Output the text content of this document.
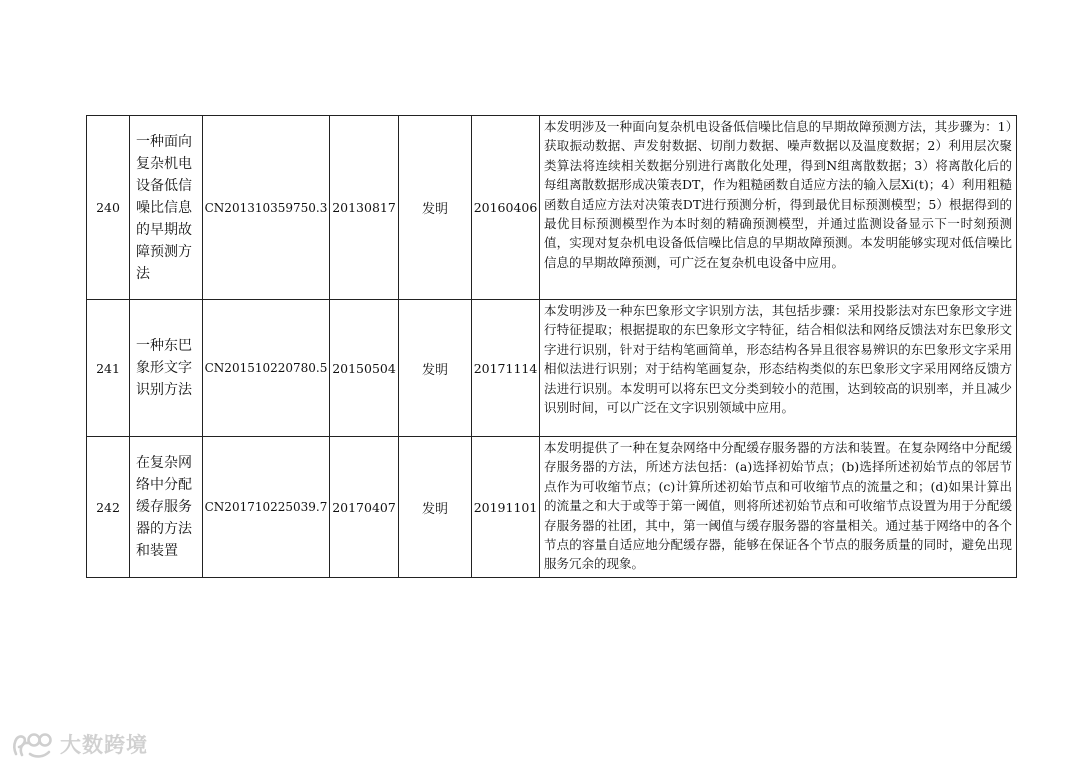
240	一种面向复杂机电设备低信噪比信息的早期故障预测方法	CN201310359750.3	20130817	发明	20160406	本发明涉及一种面向复杂机电设备低信噪比信息的早期故障预测方法，其步骤为：1）获取振动数据、声发射数据、切削力数据、噪声数据以及温度数据；2）利用层次聚类算法将连续相关数据分别进行离散化处理，得到N组离散数据；3）将离散化后的每组离散数据形成决策表DT，作为粗糙函数自适应方法的输入层Xi(t)；4）利用粗糙函数自适应方法对决策表DT进行预测分析，得到最优目标预测模型；5）根据得到的最优目标预测模型作为本时刻的精确预测模型，并通过监测设备显示下一时刻预测值，实现对复杂机电设备低信噪比信息的早期故障预测。本发明能够实现对低信噪比信息的早期故障预测，可广泛在复杂机电设备中应用。
241	一种东巴象形文字识别方法	CN201510220780.5	20150504	发明	20171114	本发明涉及一种东巴象形文字识别方法，其包括步骤：采用投影法对东巴象形文字进行特征提取；根据提取的东巴象形文字特征，结合相似法和网络反馈法对东巴象形文字进行识别，针对于结构笔画简单，形态结构各异且很容易辨识的东巴象形文字采用相似法进行识别；对于结构笔画复杂，形态结构类似的东巴象形文字采用网络反馈方法进行识别。本发明可以将东巴文分类到较小的范围，达到较高的识别率，并且减少识别时间，可以广泛在文字识别领域中应用。
242	在复杂网络中分配缓存服务器的方法和装置	CN201710225039.7	20170407	发明	20191101	本发明提供了一种在复杂网络中分配缓存服务器的方法和装置。在复杂网络中分配缓存服务器的方法，所述方法包括：(a)选择初始节点；(b)选择所述初始节点的邻居节点作为可收缩节点；(c)计算所述初始节点和可收缩节点的流量之和；(d)如果计算出的流量之和大于或等于第一阈值，则将所述初始节点和可收缩节点设置为用于分配缓存服务器的社团，其中，第一阈值与缓存服务器的容量相关。通过基于网络中的各个节点的容量自适应地分配缓存器，能够在保证各个节点的服务质量的同时，避免出现服务冗余的现象。
大数跨境
